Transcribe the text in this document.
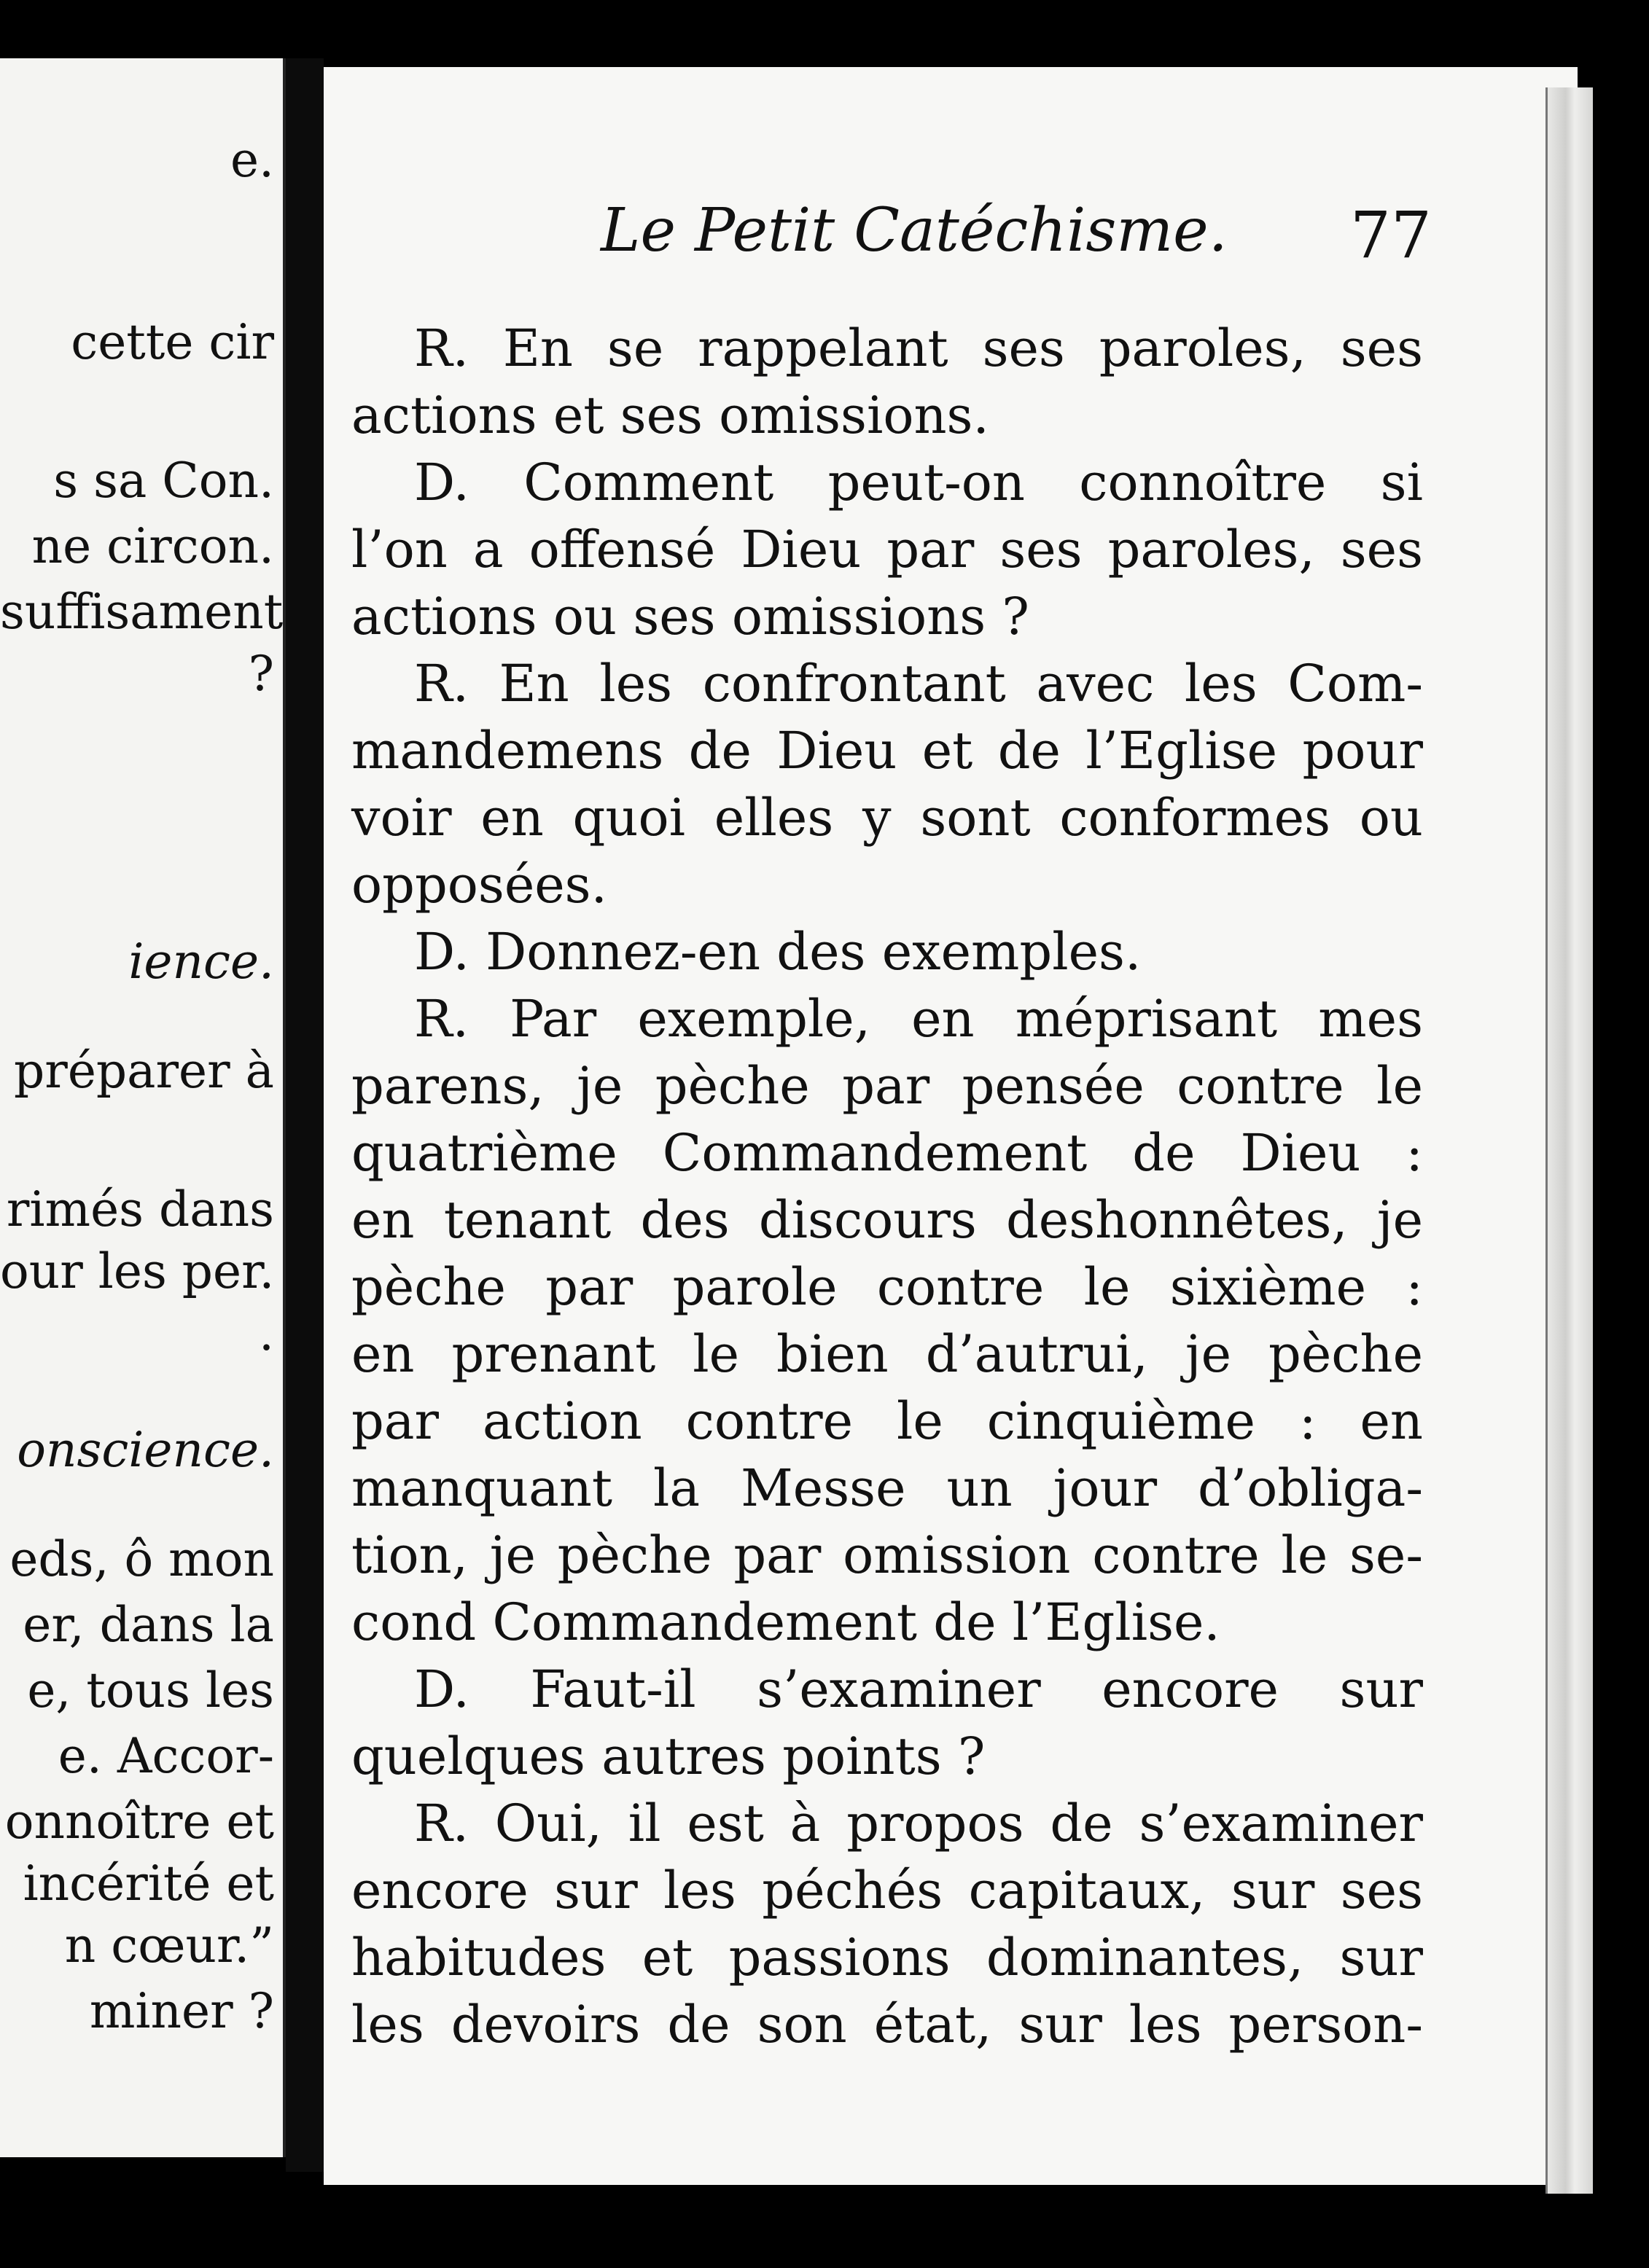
e.
cette cir
s sa Con.
ne circon.
suffisament
?
ience.
préparer à
rimés dans
our les per.
.
onscience.
eds, ô mon
er, dans la
e, tous les
e. Accor-
onnoître et
incérité et
n cœur.”
miner ?
Le Petit Catéchisme. 77
R. En se rappelant ses paroles, ses
actions et ses omissions.
D. Comment peut-on connoître si
l’on a offensé Dieu par ses paroles, ses
actions ou ses omissions ?
R. En les confrontant avec les Com-
mandemens de Dieu et de l’Eglise pour
voir en quoi elles y sont conformes ou
opposées.
D. Donnez-en des exemples.
R. Par exemple, en méprisant mes
parens, je pèche par pensée contre le
quatrième Commandement de Dieu :
en tenant des discours deshonnêtes, je
pèche par parole contre le sixième :
en prenant le bien d’autrui, je pèche
par action contre le cinquième : en
manquant la Messe un jour d’obliga-
tion, je pèche par omission contre le se-
cond Commandement de l’Eglise.
D. Faut-il s’examiner encore sur
quelques autres points ?
R. Oui, il est à propos de s’examiner
encore sur les péchés capitaux, sur ses
habitudes et passions dominantes, sur
les devoirs de son état, sur les person-
